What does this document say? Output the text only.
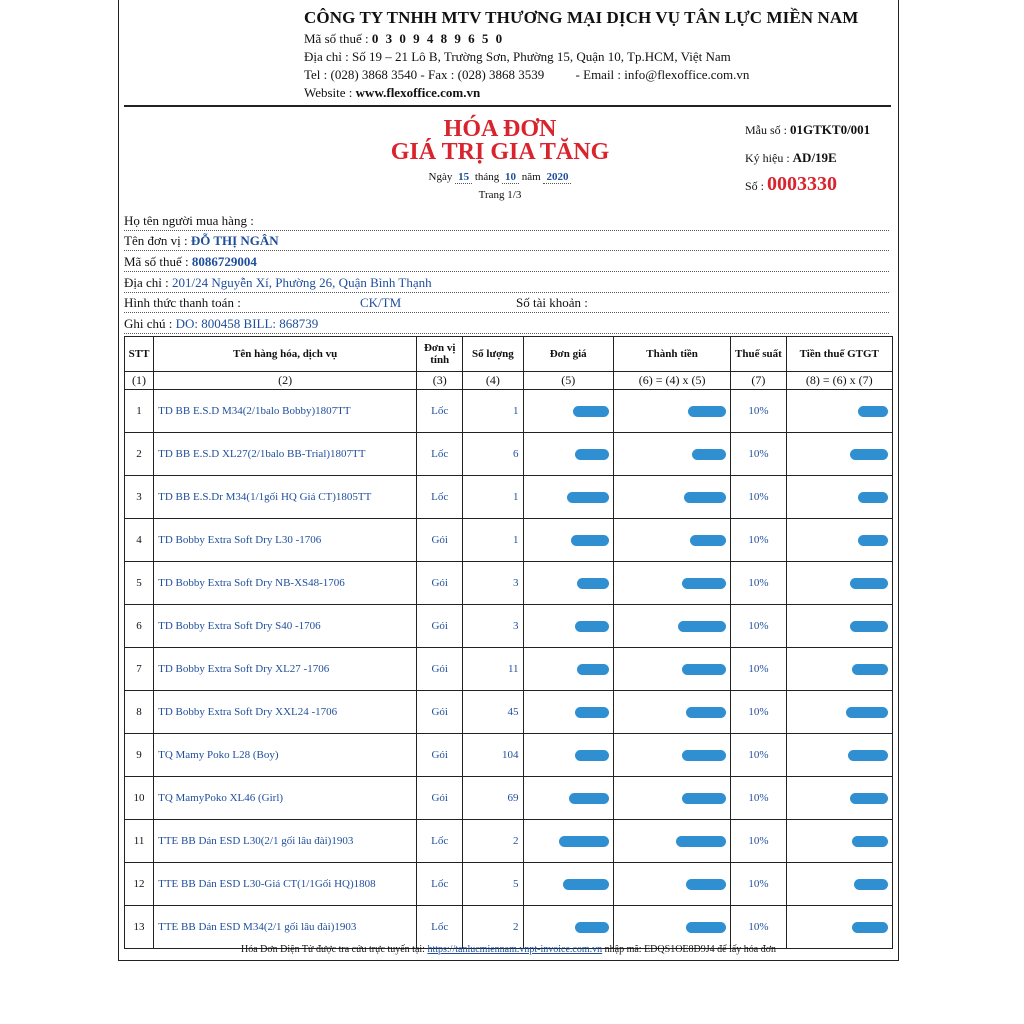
CÔNG TY TNHH MTV THƯƠNG MẠI DỊCH VỤ TÂN LỰC MIỀN NAM
Mã số thuế : 0 3 0 9 4 8 9 6 5 0
Địa chỉ : Số 19 – 21 Lô B, Trường Sơn, Phường 15, Quận 10, Tp.HCM, Việt Nam
Tel : (028) 3868 3540 - Fax : (028) 3868 3539 - Email : info@flexoffice.com.vn
Website : www.flexoffice.com.vn
HÓA ĐƠN
GIÁ TRỊ GIA TĂNG
Ngày 15 tháng 10 năm 2020
Trang 1/3
Mẫu số : 01GTKT0/001
Ký hiệu : AD/19E
Số : 0003330
Họ tên người mua hàng :
Tên đơn vị : ĐỖ THỊ NGÂN
Mã số thuế : 8086729004
Địa chỉ : 201/24 Nguyễn Xí, Phường 26, Quận Bình Thạnh
Hình thức thanh toán :	CK/TM	Số tài khoản :
Ghi chú : DO: 800458 BILL: 868739
STT	Tên hàng hóa, dịch vụ	Đơn vị tính	Số lượng	Đơn giá	Thành tiền	Thuế suất	Tiền thuế GTGT
(1)	(2)	(3)	(4)	(5)	(6) = (4) x (5)	(7)	(8) = (6) x (7)
1	TD BB E.S.D M34(2/1balo Bobby)1807TT	Lốc	1			10%	
2	TD BB E.S.D XL27(2/1balo BB-Trial)1807TT	Lốc	6			10%	
3	TD BB E.S.Dr M34(1/1gối HQ Giá CT)1805TT	Lốc	1			10%	
4	TD Bobby Extra Soft Dry L30 -1706	Gói	1			10%	
5	TD Bobby Extra Soft Dry NB-XS48-1706	Gói	3			10%	
6	TD Bobby Extra Soft Dry S40 -1706	Gói	3			10%	
7	TD Bobby Extra Soft Dry XL27 -1706	Gói	11			10%	
8	TD Bobby Extra Soft Dry XXL24 -1706	Gói	45			10%	
9	TQ Mamy Poko L28 (Boy)	Gói	104			10%	
10	TQ MamyPoko XL46 (Girl)	Gói	69			10%	
11	TTE BB Dán ESD L30(2/1 gối lâu đài)1903	Lốc	2			10%	
12	TTE BB Dán ESD L30-Giá CT(1/1Gối HQ)1808	Lốc	5			10%	
13	TTE BB Dán ESD M34(2/1 gối lâu đài)1903	Lốc	2			10%	
Hóa Đơn Điện Tử được tra cứu trực tuyến tại: https://tanlucmiennam.vnpt-invoice.com.vn nhập mã: EDQS1OE8D9J4 để lấy hóa đơn
